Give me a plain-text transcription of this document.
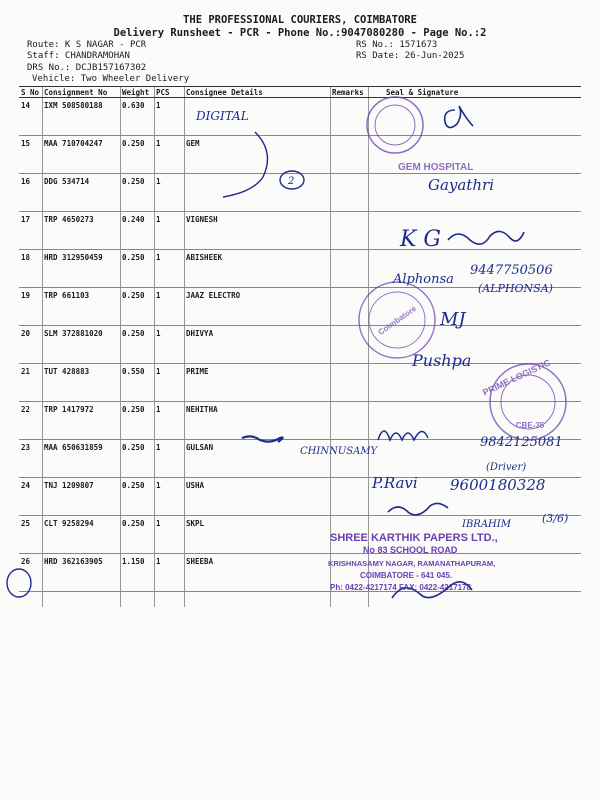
THE PROFESSIONAL COURIERS, COIMBATORE
Delivery Runsheet - PCR - Phone No.:9047080280 - Page No.:2
Route: K S NAGAR - PCR
Staff: CHANDRAMOHAN
DRS No.: DCJB157167302
Vehicle: Two Wheeler Delivery
RS No.: 1571673
RS Date: 26-Jun-2025
S No	Consignment No	Weight	PCS	Consignee Details	Remarks	Seal & Signature
14	IXM 508580188	0.630	1			
15	MAA 710704247	0.250	1	GEM		
16	DDG 534714	0.250	1			
17	TRP 4650273	0.240	1	VIGNESH		
18	HRD 312950459	0.250	1	ABISHEEK		
19	TRP 661103	0.250	1	JAAZ ELECTRO		
20	SLM 372881020	0.250	1	DHIVYA		
21	TUT 428883	0.550	1	PRIME		
22	TRP 1417972	0.250	1	NEHITHA		
23	MAA 650631859	0.250	1	GULSAN		
24	TNJ 1209807	0.250	1	USHA		
25	CLT 9258294	0.250	1	SKPL		
26	HRD 362163905	1.150	1	SHEEBA		
GEM HOSPITAL
Coimbatore
PRIME LOGISTIC
CBE-35
SHREE KARTHIK PAPERS LTD.,
No 83 SCHOOL ROAD
KRISHNASAMY NAGAR, RAMANATHAPURAM,
COIMBATORE - 641 045.
Ph: 0422-4217174 FAX: 0422-4217178
DIGITAL
2	Gayathri
K G
9447750506
Alphonsa
(ALPHONSA)
MJ
Pushpa
CHINNUSAMY
9842125081
(Driver)
P.Ravi 9600180328
IBRAHIM	(3/6)
